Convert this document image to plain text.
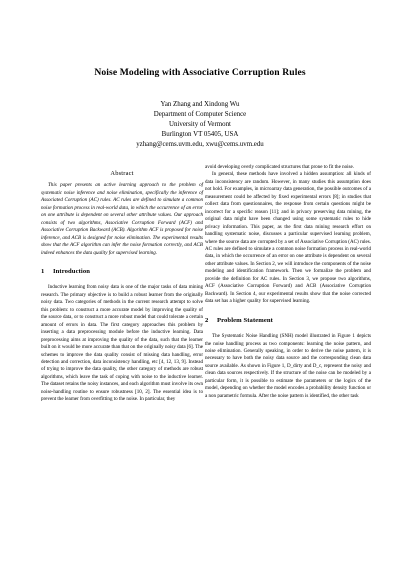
Noise Modeling with Associative Corruption Rules
Yan Zhang and Xindong Wu
Department of Computer Science
University of Vermont
Burlington VT 05405, USA
yzhang@cems.uvm.edu, xwu@cems.uvm.edu
Abstract

This paper presents an active learning approach to the problem of systematic noise inference and noise elimination, specifically the inference of Associated Corruption (AC) rules. AC rules are defined to simulate a common noise formation process in real-world data, in which the occurrence of an error on one attribute is dependent on several other attribute values. Our approach consists of two algorithms, Associative Corruption Forward (ACF) and Associative Corruption Backward (ACB). Algorithm ACF is proposed for noise inference, and ACB is designed for noise elimination. The experimental results show that the ACF algorithm can infer the noise formation correctly, and ACB indeed enhances the data quality for supervised learning.

1 Introduction

Inductive learning from noisy data is one of the major tasks of data mining research. The primary objective is to build a robust learner from the originally noisy data. Two categories of methods in the current research attempt to solve this problem: to construct a more accurate model by improving the quality of the source data, or to construct a more robust model that could tolerate a certain amount of errors in data. The first category approaches this problem by inserting a data preprocessing module before the inductive learning. Data preprocessing aims at improving the quality of the data, such that the learner built on it would be more accurate than that on the originally noisy data [6]. The schemes to improve the data quality consist of missing data handling, error detection and correction, data inconsistency handling, etc [4, 12, 13, 9]. Instead of trying to improve the data quality, the other category of methods are robust algorithms, which leave the task of coping with noise to the inductive learner. The dataset retains the noisy instances, and each algorithm must involve its own noise-handling routine to ensure robustness [10, 2]. The essential idea is to prevent the learner from overfitting to the noise. In particular, they

avoid developing overly complicated structures that prone to fit the noise.

In general, these methods have involved a hidden assumption: all kinds of data inconsistency are random. However, in many studies this assumption does not hold. For examples, in microarray data generation, the possible outcomes of a measurement could be affected by fixed experimental errors [8]; in studies that collect data from questionnaires, the response from certain questions might be incorrect for a specific reason [11]; and in privacy preserving data mining, the original data might have been changed using some systematic rules to hide privacy information. This paper, as the first data mining research effort on handling systematic noise, discusses a particular supervised learning problem, where the source data are corrupted by a set of Associative Corruption (AC) rules. AC rules are defined to simulate a common noise formation process in real-world data, in which the occurrence of an error on one attribute is dependent on several other attribute values. In Section 2, we will introduce the components of the noise modeling and identification framework. Then we formalize the problem and provide the definition for AC rules. In Section 3, we propose two algorithms, ACF (Associative Corruption Forward) and ACB (Associative Corruption Backward). In Section 4, our experimental results show that the noise corrected data set has a higher quality for supervised learning.

2 Problem Statement

The Systematic Noise Handling (SNH) model illustrated in Figure 1 depicts the noise handling process as two components: learning the noise pattern, and noise elimination. Generally speaking, in order to derive the noise pattern, it is necessary to have both the noisy data source and the corresponding clean data source available. As shown in Figure 1, D_dirty and D_c, represent the noisy and clean data sources respectively. If the structure of the noise can be modeled by a particular form, it is possible to estimate the parameters or the logics of the model, depending on whether the model encodes a probability density function or a non parametric formula. After the noise pattern is identified, the other task
